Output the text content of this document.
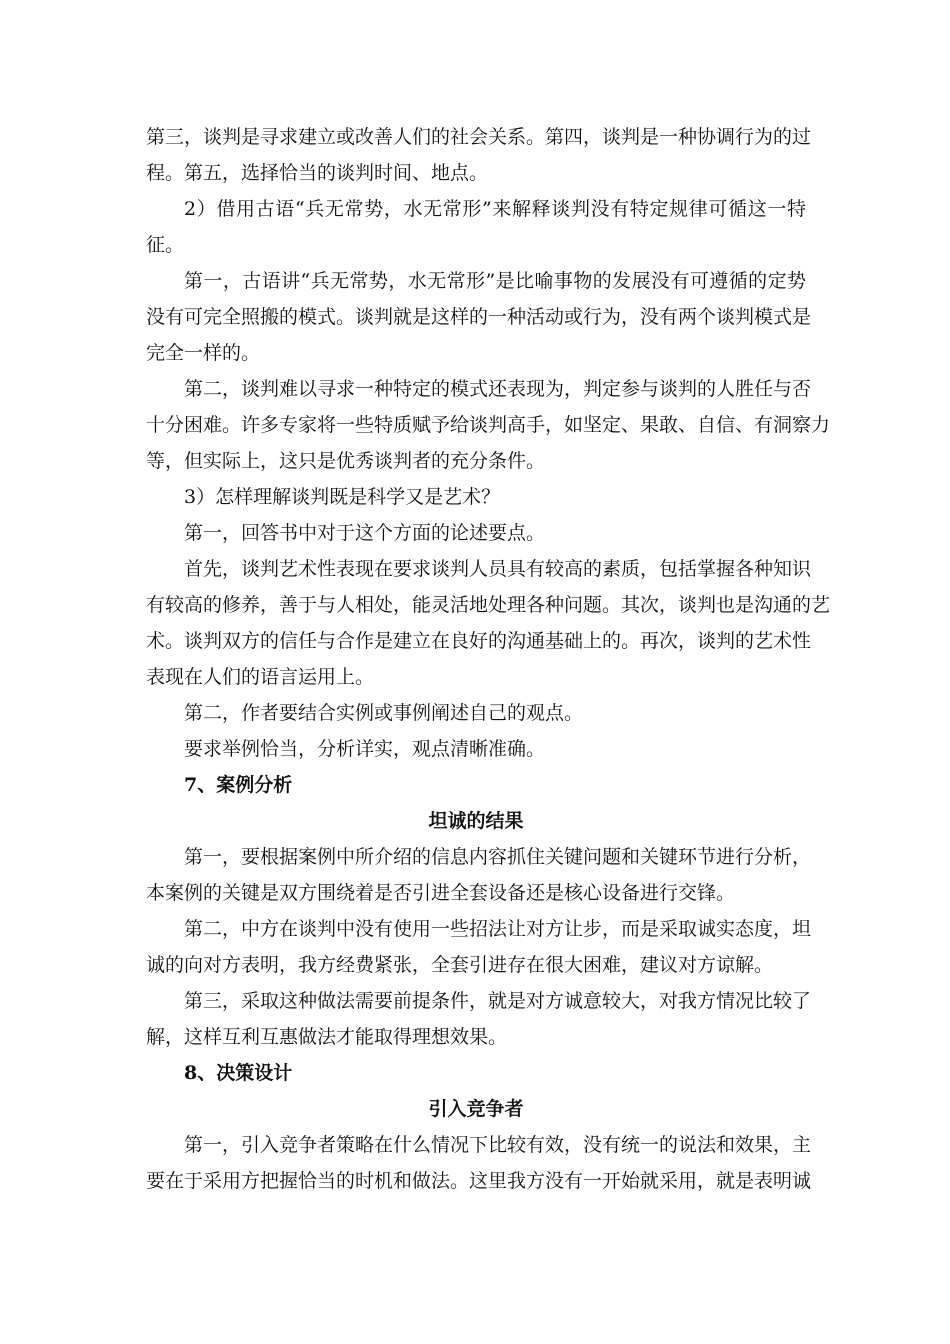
第三，谈判是寻求建立或改善人们的社会关系。第四，谈判是一种协调行为的过
程。第五，选择恰当的谈判时间、地点。
2）借用古语“兵无常势，水无常形”来解释谈判没有特定规律可循这一特
征。
第一，古语讲“兵无常势，水无常形”是比喻事物的发展没有可遵循的定势
没有可完全照搬的模式。谈判就是这样的一种活动或行为，没有两个谈判模式是
完全一样的。
第二，谈判难以寻求一种特定的模式还表现为，判定参与谈判的人胜任与否
十分困难。许多专家将一些特质赋予给谈判高手，如坚定、果敢、自信、有洞察力
等，但实际上，这只是优秀谈判者的充分条件。
3）怎样理解谈判既是科学又是艺术？
第一，回答书中对于这个方面的论述要点。
首先，谈判艺术性表现在要求谈判人员具有较高的素质，包括掌握各种知识
有较高的修养，善于与人相处，能灵活地处理各种问题。其次，谈判也是沟通的艺
术。谈判双方的信任与合作是建立在良好的沟通基础上的。再次，谈判的艺术性
表现在人们的语言运用上。
第二，作者要结合实例或事例阐述自己的观点。
要求举例恰当，分析详实，观点清晰准确。
7、案例分析
坦诚的结果
第一，要根据案例中所介绍的信息内容抓住关键问题和关键环节进行分析，
本案例的关键是双方围绕着是否引进全套设备还是核心设备进行交锋。
第二，中方在谈判中没有使用一些招法让对方让步，而是采取诚实态度，坦
诚的向对方表明，我方经费紧张，全套引进存在很大困难，建议对方谅解。
第三，采取这种做法需要前提条件，就是对方诚意较大，对我方情况比较了
解，这样互利互惠做法才能取得理想效果。
8、决策设计
引入竞争者
第一，引入竞争者策略在什么情况下比较有效，没有统一的说法和效果，主
要在于采用方把握恰当的时机和做法。这里我方没有一开始就采用，就是表明诚
